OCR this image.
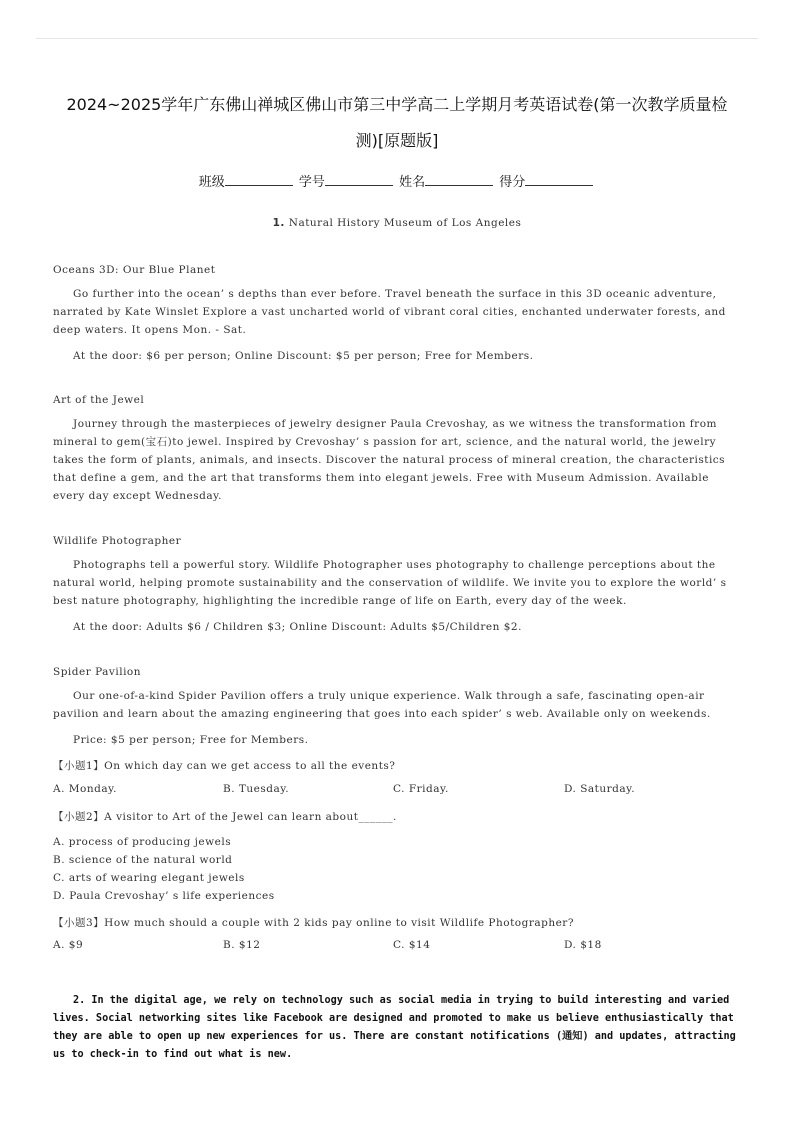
2024~2025学年广东佛山禅城区佛山市第三中学高二上学期月考英语试卷(第一次教学质量检
测)[原题版]
班级	学号	姓名	得分
1. Natural History Museum of Los Angeles
Oceans 3D: Our Blue Planet

Go further into the ocean’ s depths than ever before. Travel beneath the surface in this 3D oceanic adventure, narrated by Kate Winslet Explore a vast uncharted world of vibrant coral cities, enchanted underwater forests, and deep waters. It opens Mon. - Sat.

At the door: $6 per person; Online Discount: $5 per person; Free for Members.

Art of the Jewel

Journey through the masterpieces of jewelry designer Paula Crevoshay, as we witness the transformation from mineral to gem(宝石)to jewel. Inspired by Crevoshay’ s passion for art, science, and the natural world, the jewelry takes the form of plants, animals, and insects. Discover the natural process of mineral creation, the characteristics that define a gem, and the art that transforms them into elegant jewels. Free with Museum Admission. Available every day except Wednesday.

Wildlife Photographer

Photographs tell a powerful story. Wildlife Photographer uses photography to challenge perceptions about the natural world, helping promote sustainability and the conservation of wildlife. We invite you to explore the world’ s best nature photography, highlighting the incredible range of life on Earth, every day of the week.

At the door: Adults $6 / Children $3; Online Discount: Adults $5/Children $2.

Spider Pavilion

Our one-of-a-kind Spider Pavilion offers a truly unique experience. Walk through a safe, fascinating open-air pavilion and learn about the amazing engineering that goes into each spider’ s web. Available only on weekends.

Price: $5 per person; Free for Members.

【小题1】On which day can we get access to all the events?
A. Monday.	B. Tuesday.	C. Friday.	D. Saturday.
【小题2】A visitor to Art of the Jewel can learn about______.
A. process of producing jewels
B. science of the natural world
C. arts of wearing elegant jewels
D. Paula Crevoshay’ s life experiences
【小题3】How much should a couple with 2 kids pay online to visit Wildlife Photographer?
A. $9	B. $12	C. $14	D. $18
2. In the digital age, we rely on technology such as social media in trying to build interesting and varied lives. Social networking sites like Facebook are designed and promoted to make us believe enthusiastically that they are able to open up new experiences for us. There are constant notifications (通知) and updates, attracting us to check-in to find out what is new.
